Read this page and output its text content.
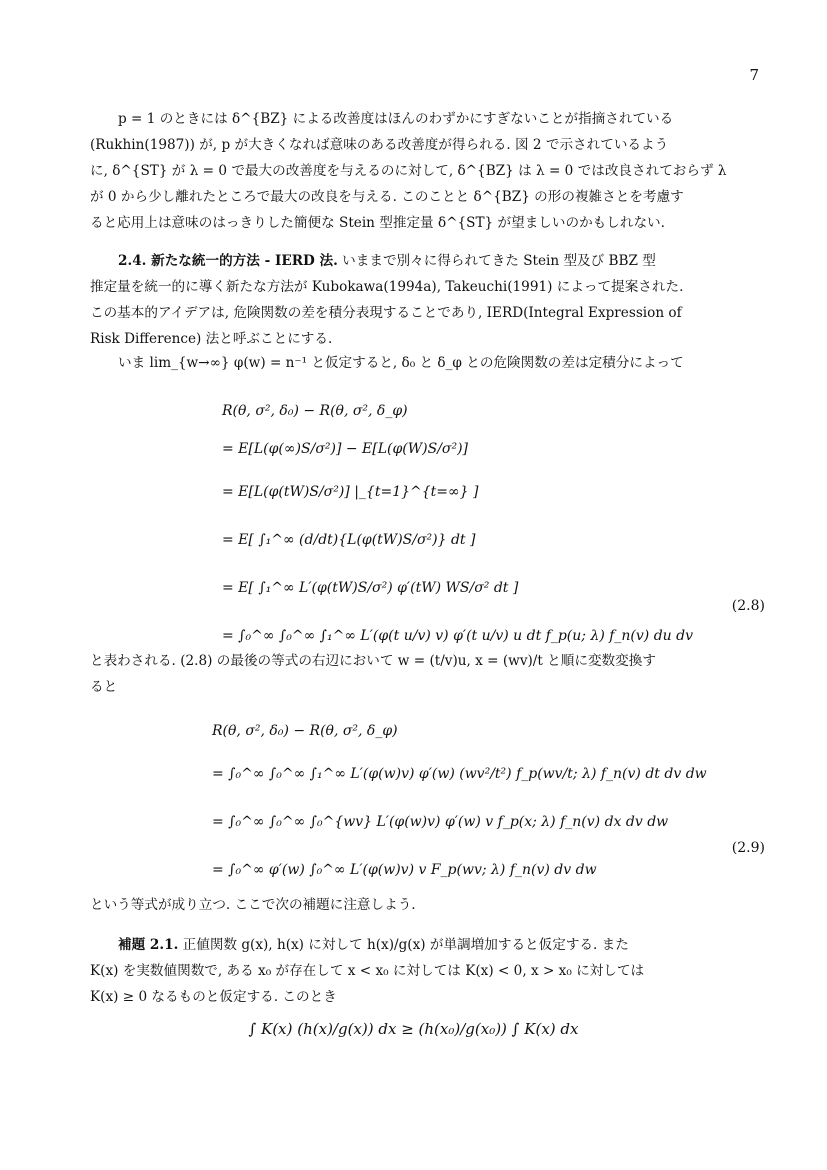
7
p = 1 のときには δ^{BZ} による改善度はほんのわずかにすぎないことが指摘されている
(Rukhin(1987)) が, p が大きくなれば意味のある改善度が得られる. 図 2 で示されているよう
に, δ^{ST} が λ = 0 で最大の改善度を与えるのに対して, δ^{BZ} は λ = 0 では改良されておらず λ
が 0 から少し離れたところで最大の改良を与える. このことと δ^{BZ} の形の複雑さとを考慮す
ると応用上は意味のはっきりした簡便な Stein 型推定量 δ^{ST} が望ましいのかもしれない.
2.4. 新たな統一的方法 - IERD 法. いままで別々に得られてきた Stein 型及び BBZ 型
推定量を統一的に導く新たな方法が Kubokawa(1994a), Takeuchi(1991) によって提案された.
この基本的アイデアは, 危険関数の差を積分表現することであり, IERD(Integral Expression of
Risk Difference) 法と呼ぶことにする.
いま lim_{w→∞} φ(w) = n⁻¹ と仮定すると, δ₀ と δ_φ との危険関数の差は定積分によって
R(θ, σ², δ₀) − R(θ, σ², δ_φ)
= E[L(φ(∞)S/σ²)] − E[L(φ(W)S/σ²)]
= E[L(φ(tW)S/σ²)] |_{t=1}^{t=∞} ]
= E[ ∫₁^∞ (d/dt){L(φ(tW)S/σ²)} dt ]
= E[ ∫₁^∞ L′(φ(tW)S/σ²) φ′(tW) WS/σ² dt ]
= ∫₀^∞ ∫₀^∞ ∫₁^∞ L′(φ(t u/v) v) φ′(t u/v) u dt f_p(u; λ) f_n(v) du dv
(2.8)
と表わされる. (2.8) の最後の等式の右辺において w = (t/v)u, x = (wv)/t と順に変数変換す
ると
R(θ, σ², δ₀) − R(θ, σ², δ_φ)
= ∫₀^∞ ∫₀^∞ ∫₁^∞ L′(φ(w)v) φ′(w) (wv²/t²) f_p(wv/t; λ) f_n(v) dt dv dw
= ∫₀^∞ ∫₀^∞ ∫₀^{wv} L′(φ(w)v) φ′(w) v f_p(x; λ) f_n(v) dx dv dw
= ∫₀^∞ φ′(w) ∫₀^∞ L′(φ(w)v) v F_p(wv; λ) f_n(v) dv dw
(2.9)
という等式が成り立つ. ここで次の補題に注意しよう.
補題 2.1. 正値関数 g(x), h(x) に対して h(x)/g(x) が単調増加すると仮定する. また
K(x) を実数値関数で, ある x₀ が存在して x < x₀ に対しては K(x) < 0, x > x₀ に対しては
K(x) ≥ 0 なるものと仮定する. このとき
∫ K(x) (h(x)/g(x)) dx ≥ (h(x₀)/g(x₀)) ∫ K(x) dx
